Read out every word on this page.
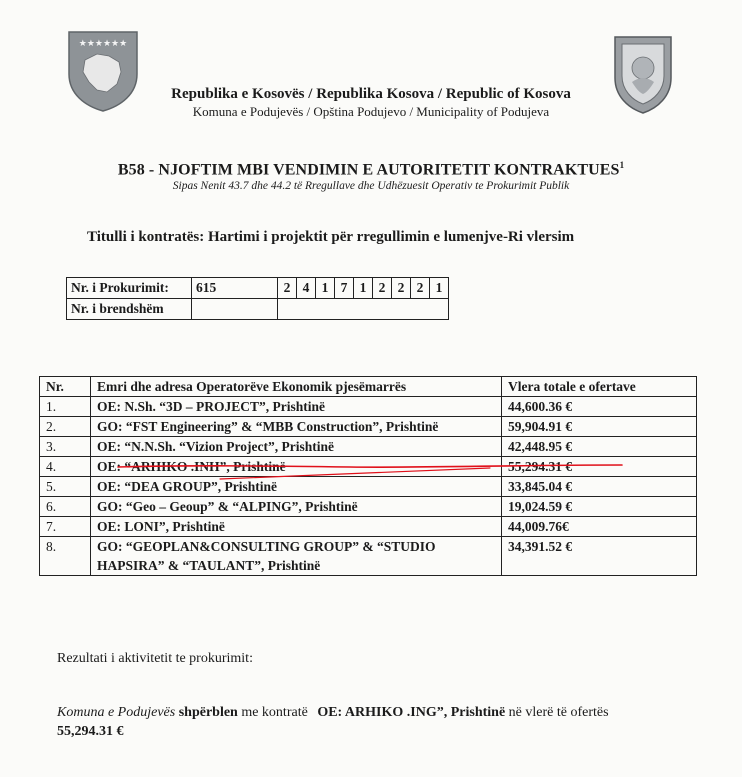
★★★★★★
Republika e Kosovës / Republika Kosova / Republic of Kosova
Komuna e Podujevës / Opština Podujevo / Municipality of Podujeva
B58 - NJOFTIM MBI VENDIMIN E AUTORITETIT KONTRAKTUES$^1$
Sipas Nenit 43.7 dhe 44.2 të Rregullave dhe Udhëzuesit Operativ te Prokurimit Publik
Titulli i kontratës: Hartimi i projektit për rregullimin e lumenjve-Ri vlersim
Nr. i Prokurimit:	615	2	4	1	7	1	2	2	2	1
Nr. i brendshëm										
Nr.	Emri dhe adresa Operatorëve Ekonomik pjesëmarrës	Vlera totale e ofertave
1.	OE: N.Sh. “3D – PROJECT”, Prishtinë	44,600.36 €
2.	GO: “FST Engineering” & “MBB Construction”, Prishtinë	59,904.91 €
3.	OE: “N.N.Sh. “Vizion Project”, Prishtinë	42,448.95 €
4.	OE: “ARHIKO .INH”, Prishtinë	55,294.31 €
5.	OE: “DEA GROUP”, Prishtinë	33,845.04 €
6.	GO: “Geo – Geoup” & “ALPING”, Prishtinë	19,024.59 €
7.	OE: LONI”, Prishtinë	44,009.76€
8.	GO: “GEOPLAN&CONSULTING GROUP” & “STUDIO
HAPSIRA” & “TAULANT”, Prishtinë	34,391.52 €
Rezultati i aktivitetit te prokurimit:
Komuna e Podujevës shpërblen me kontratë OE: ARHIKO .ING”, Prishtinë në vlerë të ofertës
55,294.31 €
